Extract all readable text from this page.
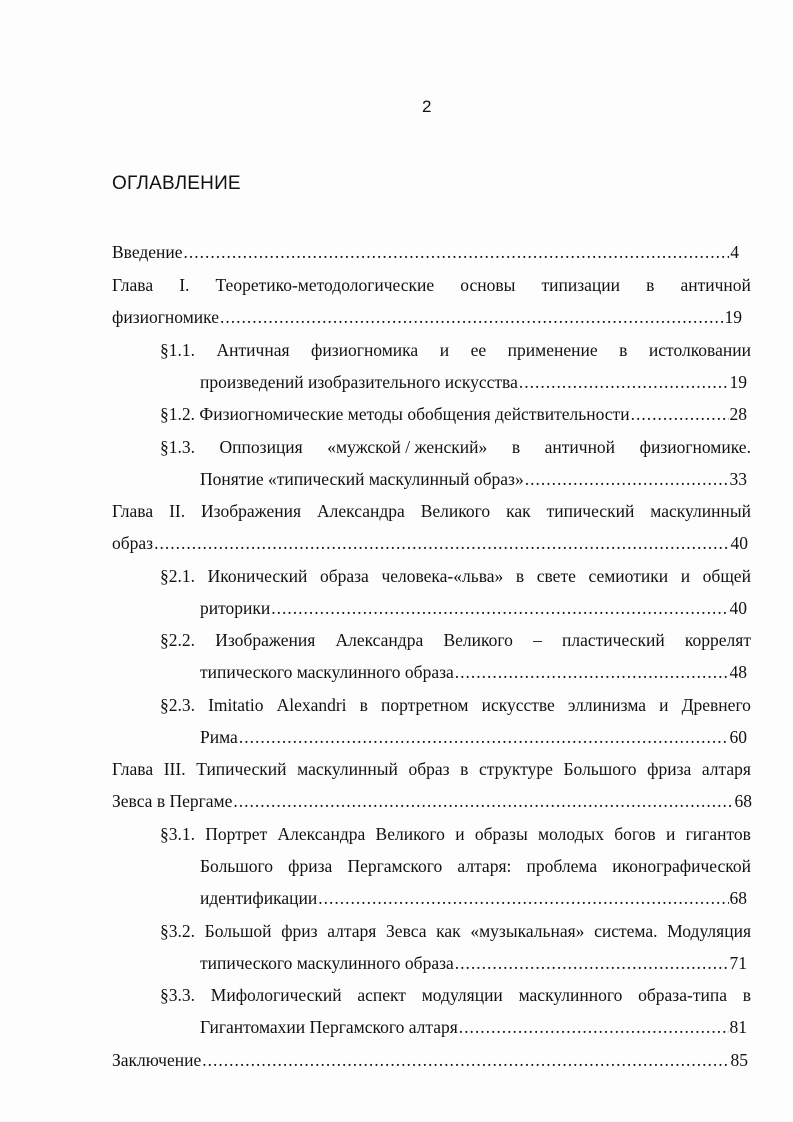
2
ОГЛАВЛЕНИЕ
Введение .....	4
Глава I. Теоретико-методологические основы типизации в античной
физиогномике .....	19
§1.1. Античная физиогномика и ее применение в истолковании
произведений изобразительного искусства .....	19
§1.2. Физиогномические методы обобщения действительности .....	28
§1.3. Оппозиция «мужской / женский» в античной физиогномике.
Понятие «типический маскулинный образ» .....	33
Глава II. Изображения Александра Великого как типический маскулинный
образ .....	40
§2.1. Иконический образа человека-«льва» в свете семиотики и общей
риторики .....	40
§2.2. Изображения Александра Великого – пластический коррелят
типического маскулинного образа .....	48
§2.3. Imitatio Alexandri в портретном искусстве эллинизма и Древнего
Рима .....	60
Глава III. Типический маскулинный образ в структуре Большого фриза алтаря
Зевса в Пергаме .....	68
§3.1. Портрет Александра Великого и образы молодых богов и гигантов
Большого фриза Пергамского алтаря: проблема иконографической
идентификации .....	68
§3.2. Большой фриз алтаря Зевса как «музыкальная» система. Модуляция
типического маскулинного образа .....	71
§3.3. Мифологический аспект модуляции маскулинного образа-типа в
Гигантомахии Пергамского алтаря .....	81
Заключение .....	85
